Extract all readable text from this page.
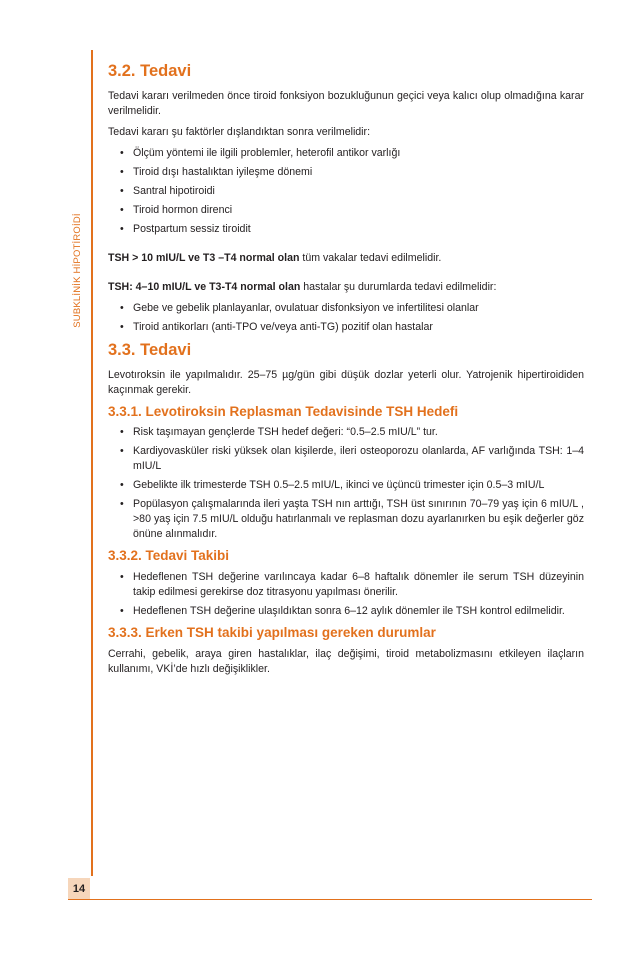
SUBKLİNİK HİPOTİROİDİ
14
3.2. Tedavi

Tedavi kararı verilmeden önce tiroid fonksiyon bozukluğunun geçici veya kalıcı olup olmadığına karar verilmelidir.

Tedavi kararı şu faktörler dışlandıktan sonra verilmelidir:

• Ölçüm yöntemi ile ilgili problemler, heterofil antikor varlığı
• Tiroid dışı hastalıktan iyileşme dönemi
• Santral hipotiroidi
• Tiroid hormon direnci
• Postpartum sessiz tiroidit

TSH > 10 mIU/L ve T3 –T4 normal olan tüm vakalar tedavi edilmelidir.

TSH: 4–10 mIU/L ve T3-T4 normal olan hastalar şu durumlarda tedavi edilmelidir:

• Gebe ve gebelik planlayanlar, ovulatuar disfonksiyon ve infertilitesi olanlar
• Tiroid antikorları (anti-TPO ve/veya anti-TG) pozitif olan hastalar
3.3. Tedavi

Levotıroksin ile yapılmalıdır. 25–75 µg/gün gibi düşük dozlar yeterli olur. Yatrojenik hipertiroididen kaçınmak gerekir.

3.3.1. Levotiroksin Replasman Tedavisinde TSH Hedefi
• Risk taşımayan gençlerde TSH hedef değeri: “0.5–2.5 mIU/L” tur.
• Kardiyovasküler riski yüksek olan kişilerde, ileri osteoporozu olanlarda, AF varlığında TSH: 1–4 mIU/L
• Gebelikte ilk trimesterde TSH 0.5–2.5 mIU/L, ikinci ve üçüncü trimester için 0.5–3 mIU/L
• Popülasyon çalışmalarında ileri yaşta TSH nın arttığı, TSH üst sınırının 70–79 yaş için 6 mIU/L , >80 yaş için 7.5 mIU/L olduğu hatırlanmalı ve replasman dozu ayarlanırken bu eşik değerler göz önüne alınmalıdır.
3.3.2. Tedavi Takibi
• Hedeflenen TSH değerine varılıncaya kadar 6–8 haftalık dönemler ile serum TSH düzeyinin takip edilmesi gerekirse doz titrasyonu yapılması önerilir.
• Hedeflenen TSH değerine ulaşıldıktan sonra 6–12 aylık dönemler ile TSH kontrol edilmelidir.
3.3.3. Erken TSH takibi yapılması gereken durumlar

Cerrahi, gebelik, araya giren hastalıklar, ilaç değişimi, tiroid metabolizmasını etkileyen ilaçların kullanımı, VKİ’de hızlı değişiklikler.
